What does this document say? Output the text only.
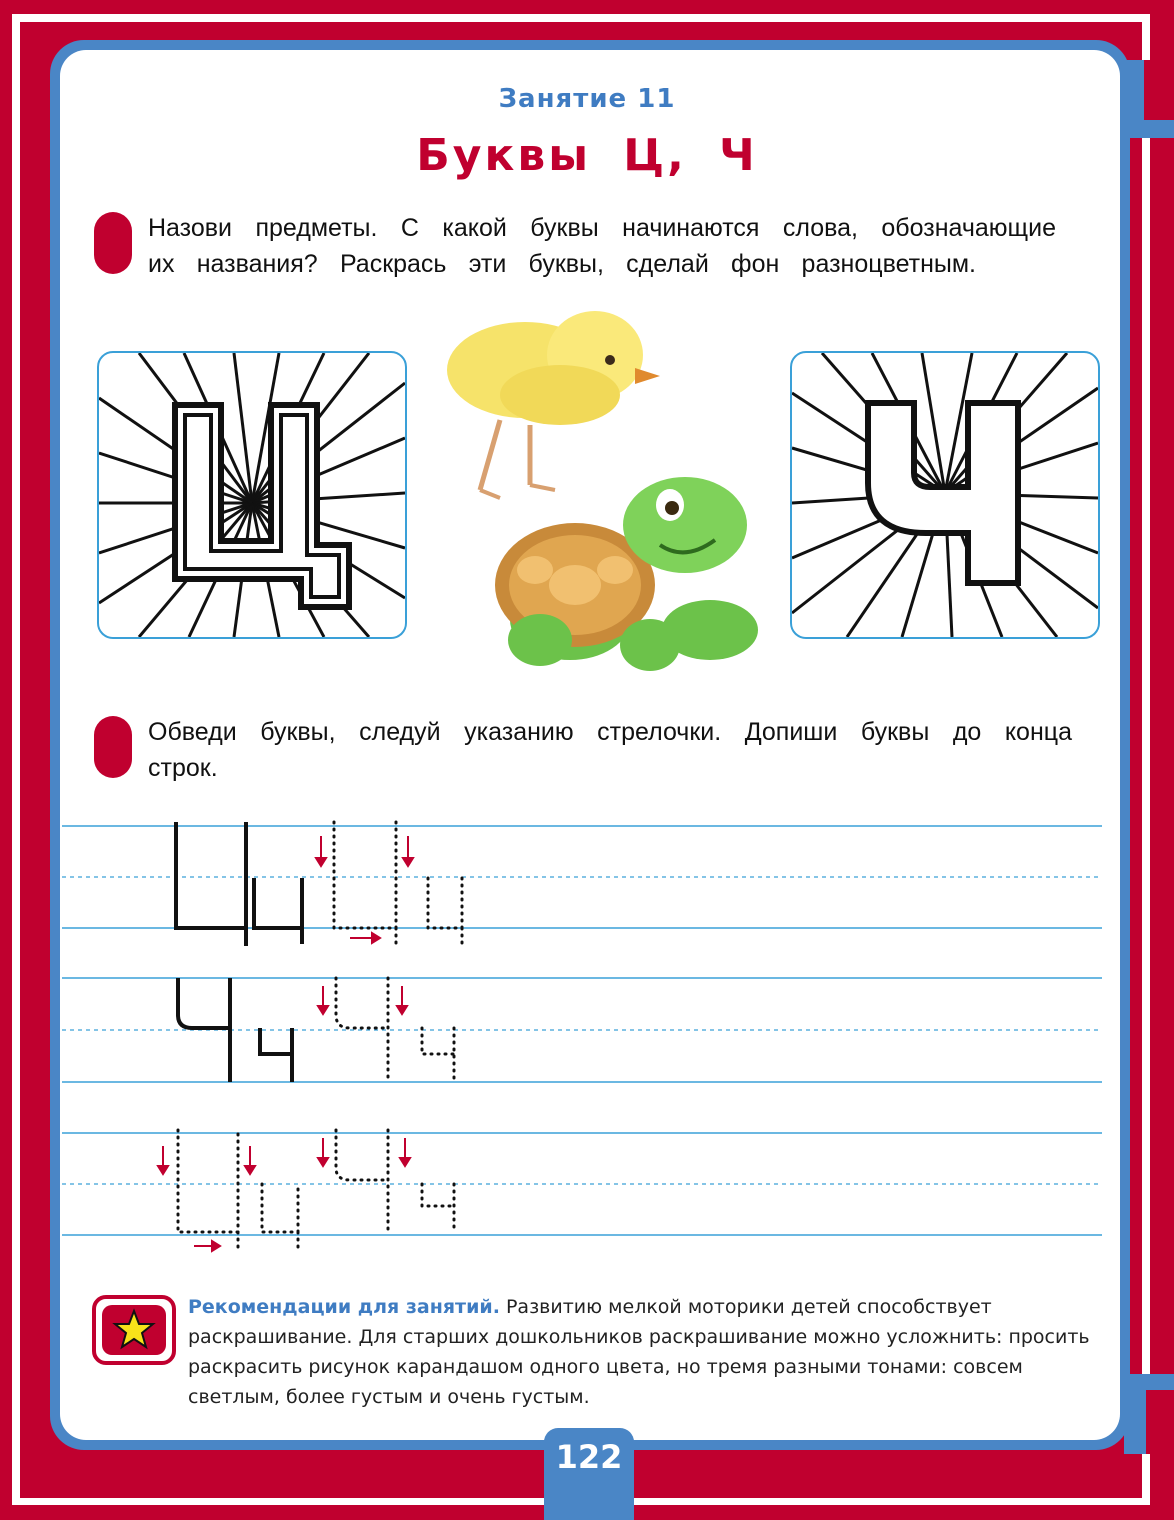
Занятие 11
Буквы Ц, Ч
Назови предметы. С какой буквы начинаются слова, обозначающие
их названия? Раскрась эти буквы, сделай фон разноцветным.
Обведи буквы, следуй указанию стрелочки. Допиши буквы до конца
строк.
Рекомендации для занятий. Развитию мелкой моторики детей способствует раскрашивание. Для старших дошкольников раскрашивание можно усложнить: просить раскрасить рисунок карандашом одного цвета, но тремя разными тонами: совсем светлым, более густым и очень густым.
122
